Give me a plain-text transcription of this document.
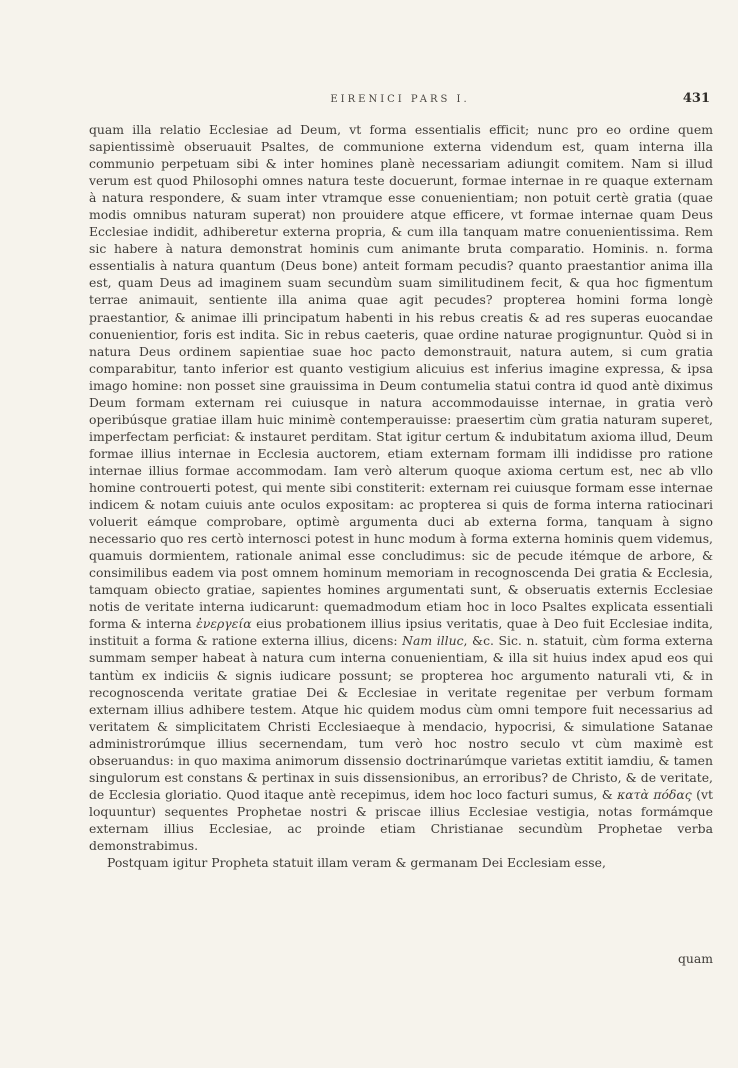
EIRENICI PARS I.	431

quam illa relatio Ecclesiae ad Deum, vt forma essentialis efficit; nunc pro eo ordine quem sapientissimè obseruauit Psaltes, de communione externa videndum est, quam interna illa communio perpetuam sibi & inter homines planè necessariam adiungit comitem. Nam si illud verum est quod Philosophi omnes natura teste docuerunt, formae internae in re quaque externam à natura respondere, & suam inter vtramque esse conuenientiam; non potuit certè gratia (quae modis omnibus naturam superat) non prouidere atque efficere, vt formae internae quam Deus Ecclesiae indidit, adhiberetur externa propria, & cum illa tanquam matre conuenientissima. Rem sic habere à natura demonstrat hominis cum animante bruta comparatio. Hominis. n. forma essentialis à natura quantum (Deus bone) anteit formam pecudis? quanto praestantior anima illa est, quam Deus ad imaginem suam secundùm suam similitudinem fecit, & qua hoc figmentum terrae animauit, sentiente illa anima quae agit pecudes? propterea homini forma longè praestantior, & animae illi principatum habenti in his rebus creatis & ad res superas euocandae conuenientior, foris est indita. Sic in rebus caeteris, quae ordine naturae progignuntur. Quòd si in natura Deus ordinem sapientiae suae hoc pacto demonstrauit, natura autem, si cum gratia comparabitur, tanto inferior est quanto vestigium alicuius est inferius imagine expressa, & ipsa imago homine: non posset sine grauissima in Deum contumelia statui contra id quod antè diximus Deum formam externam rei cuiusque in natura accommodauisse internae, in gratia verò operibúsque gratiae illam huic minimè contemperauisse: praesertim cùm gratia naturam superet, imperfectam perficiat: & instauret perditam. Stat igitur certum & indubitatum axioma illud, Deum formae illius internae in Ecclesia auctorem, etiam externam formam illi indidisse pro ratione internae illius formae accommodam. Iam verò alterum quoque axioma certum est, nec ab vllo homine controuerti potest, qui mente sibi constiterit: externam rei cuiusque formam esse internae indicem & notam cuiuis ante oculos expositam: ac propterea si quis de forma interna ratiocinari voluerit eámque comprobare, optimè argumenta duci ab externa forma, tanquam à signo necessario quo res certò internosci potest in hunc modum à forma externa hominis quem videmus, quamuis dormientem, rationale animal esse concludimus: sic de pecude itémque de arbore, & consimilibus eadem via post omnem hominum memoriam in recognoscenda Dei gratia & Ecclesia, tamquam obiecto gratiae, sapientes homines argumentati sunt, & obseruatis externis Ecclesiae notis de veritate interna iudicarunt: quemadmodum etiam hoc in loco Psaltes explicata essentiali forma & interna ἐνεργεία eius probationem illius ipsius veritatis, quae à Deo fuit Ecclesiae indita, instituit a forma & ratione externa illius, dicens: Nam illuc, &c. Sic. n. statuit, cùm forma externa summam semper habeat à natura cum interna conuenientiam, & illa sit huius index apud eos qui tantùm ex indiciis & signis iudicare possunt; se propterea hoc argumento naturali vti, & in recognoscenda veritate gratiae Dei & Ecclesiae in veritate regenitae per verbum formam externam illius adhibere testem. Atque hic quidem modus cùm omni tempore fuit necessarius ad veritatem & simplicitatem Christi Ecclesiaeque à mendacio, hypocrisi, & simulatione Satanae administrorúmque illius secernendam, tum verò hoc nostro seculo vt cùm maximè est obseruandus: in quo maxima animorum dissensio doctrinarúmque varietas extitit iamdiu, & tamen singulorum est constans & pertinax in suis dissensionibus, an erroribus? de Christo, & de veritate, de Ecclesia gloriatio. Quod itaque antè recepimus, idem hoc loco facturi sumus, & κατὰ πόδας (vt loquuntur) sequentes Prophetae nostri & priscae illius Ecclesiae vestigia, notas formámque externam illius Ecclesiae, ac proinde etiam Christianae secundùm Prophetae verba demonstrabimus.

Postquam igitur Propheta statuit illam veram & germanam Dei Ecclesiam esse,

quam
